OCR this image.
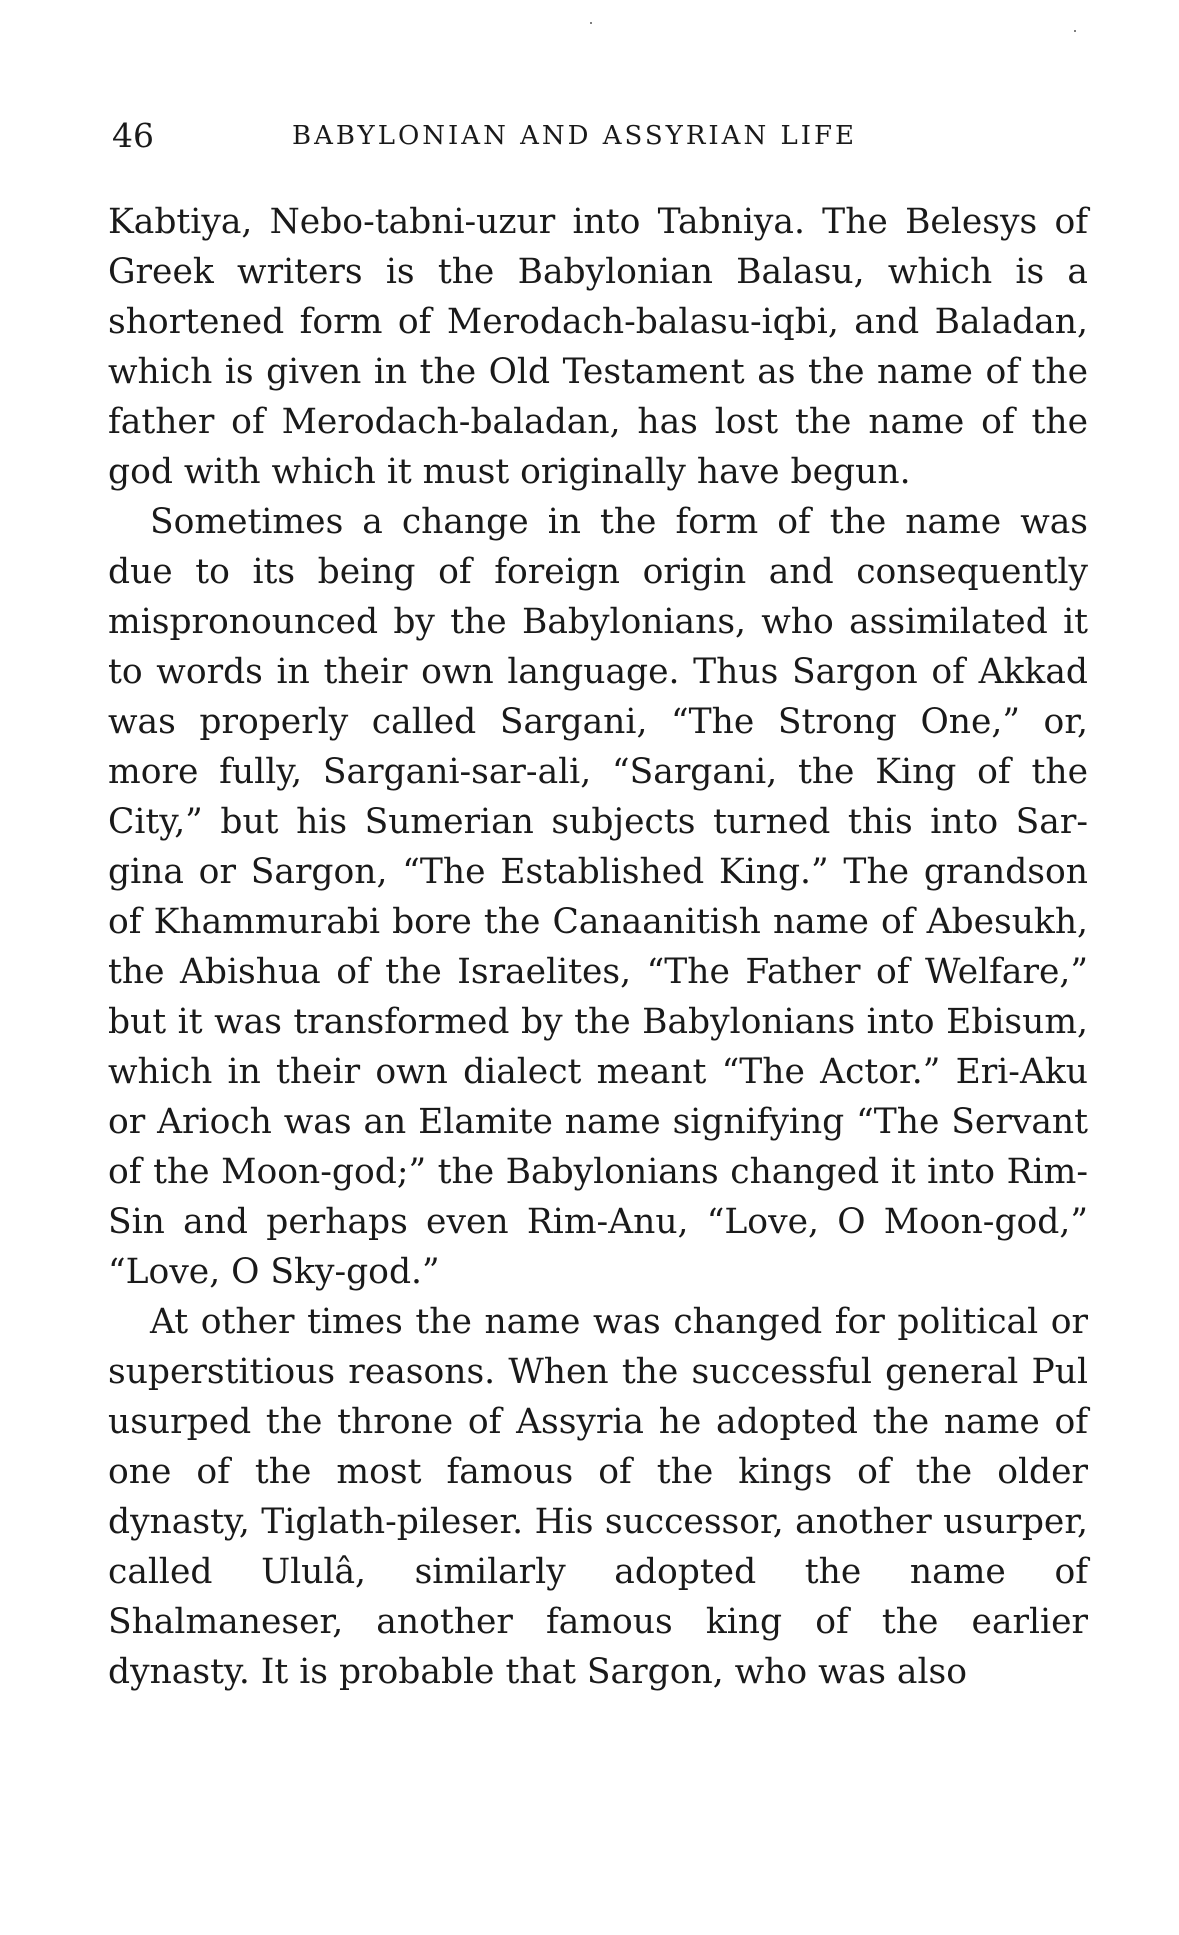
46	BABYLONIAN AND ASSYRIAN LIFE

Kabtiya, Nebo-tabni-uzur into Tabniya. The Belesys of Greek writers is the Babylonian Balasu, which is a shortened form of Merodach-balasu-iqbi, and Baladan, which is given in the Old Testament as the name of the father of Merodach-baladan, has lost the name of the god with which it must originally have begun.

Sometimes a change in the form of the name was due to its being of foreign origin and consequently mispronounced by the Babylonians, who assimilated it to words in their own language. Thus Sargon of Akkad was properly called Sargani, “The Strong One,” or, more fully, Sargani-sar-ali, “Sargani, the King of the City,” but his Sumerian subjects turned this into Sar-gina or Sargon, “The Established King.” The grandson of Khammurabi bore the Canaanitish name of Abesukh, the Abishua of the Israelites, “The Father of Welfare,” but it was transformed by the Babylonians into Ebisum, which in their own dialect meant “The Actor.” Eri-Aku or Arioch was an Elamite name signifying “The Servant of the Moon-god;” the Babylonians changed it into Rim-Sin and perhaps even Rim-Anu, “Love, O Moon-god,” “Love, O Sky-god.”

At other times the name was changed for political or superstitious reasons. When the successful general Pul usurped the throne of Assyria he adopted the name of one of the most famous of the kings of the older dynasty, Tiglath-pileser. His successor, another usurper, called Ululâ, similarly adopted the name of Shalmaneser, another famous king of the earlier dynasty. It is probable that Sargon, who was also
